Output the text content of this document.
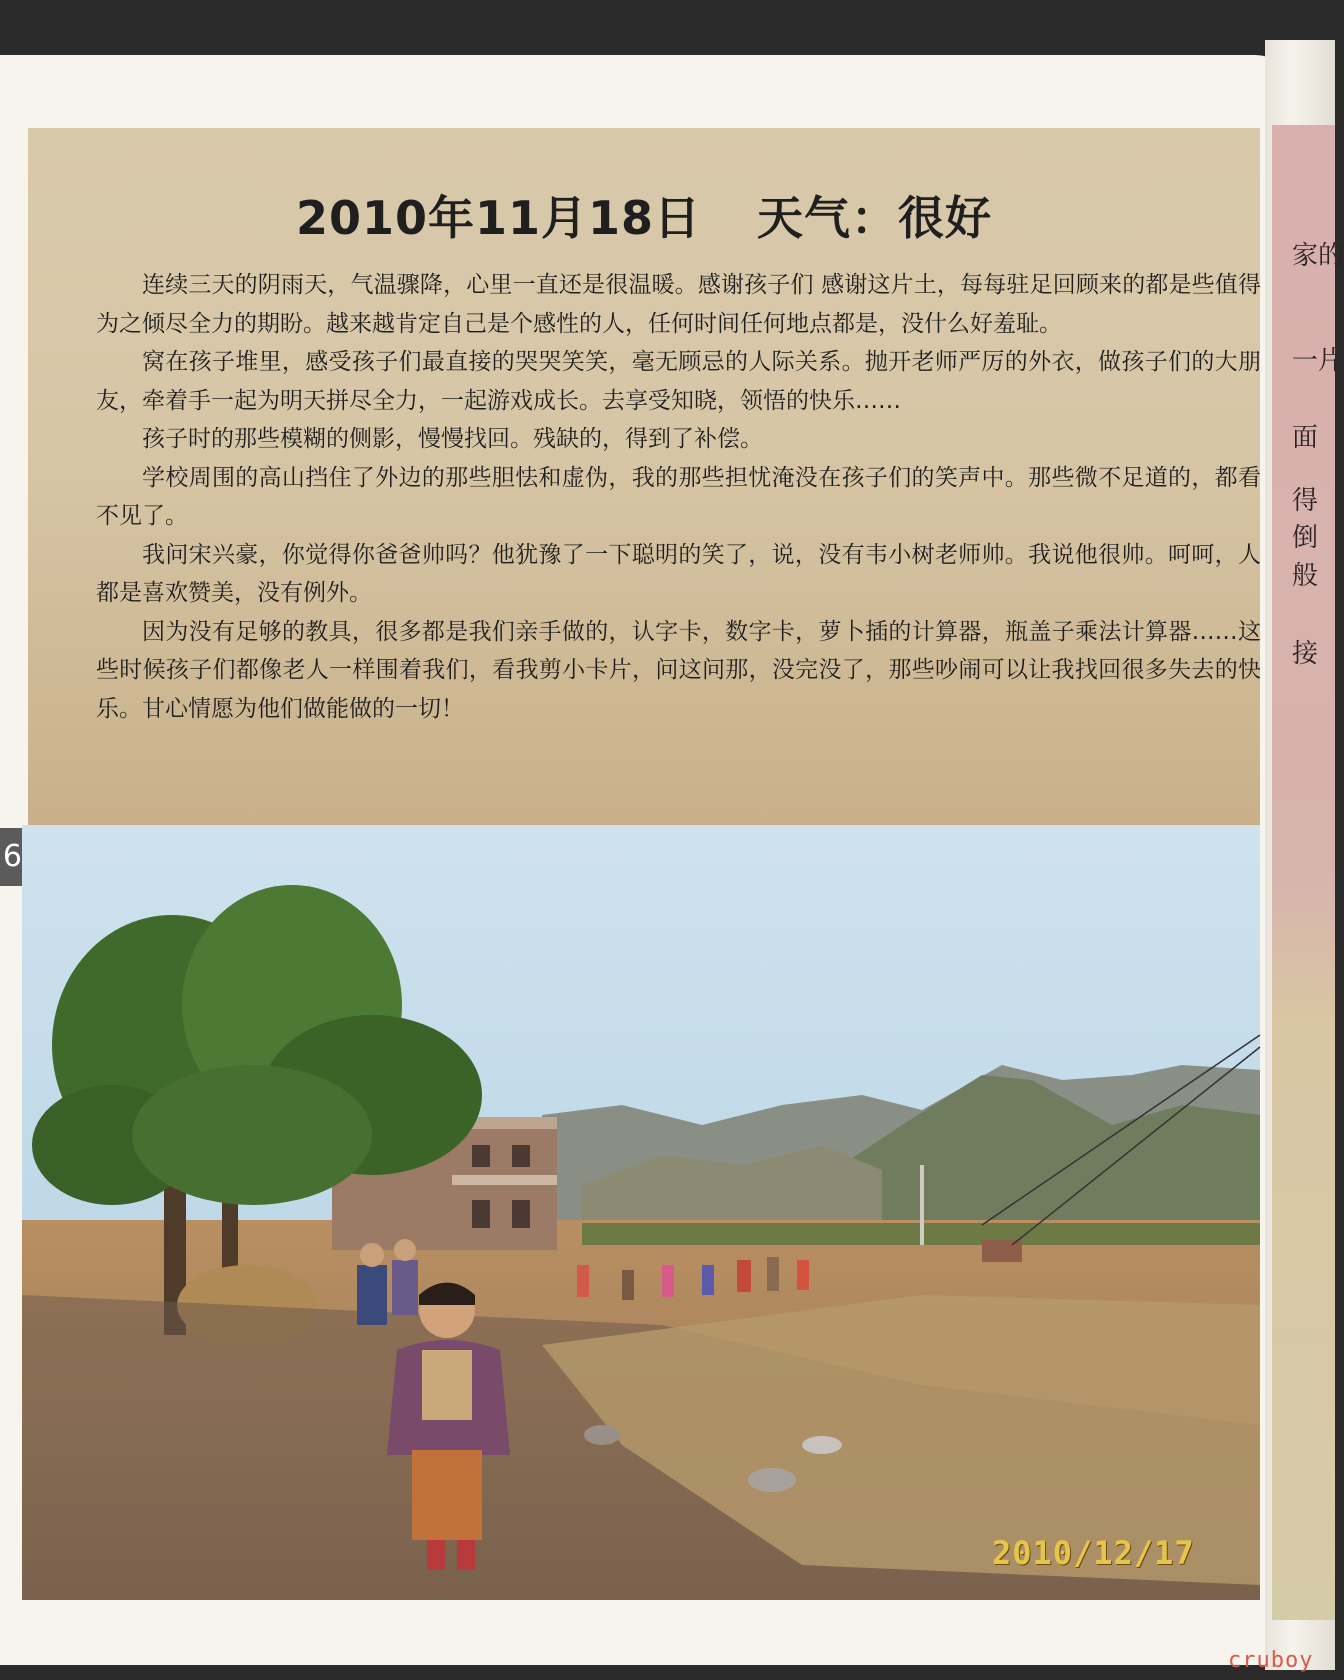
家的
一片
面
得
倒
般
接
2010年11月18日 天气：很好

连续三天的阴雨天，气温骤降，心里一直还是很温暖。感谢孩子们 感谢这片土，每每驻足回顾来的都是些值得为之倾尽全力的期盼。越来越肯定自己是个感性的人，任何时间任何地点都是，没什么好羞耻。

窝在孩子堆里，感受孩子们最直接的哭哭笑笑，毫无顾忌的人际关系。抛开老师严厉的外衣，做孩子们的大朋友，牵着手一起为明天拼尽全力，一起游戏成长。去享受知晓，领悟的快乐……

孩子时的那些模糊的侧影，慢慢找回。残缺的，得到了补偿。

学校周围的高山挡住了外边的那些胆怯和虚伪，我的那些担忧淹没在孩子们的笑声中。那些微不足道的，都看不见了。

我问宋兴豪，你觉得你爸爸帅吗？他犹豫了一下聪明的笑了，说，没有韦小树老师帅。我说他很帅。呵呵，人都是喜欢赞美，没有例外。

因为没有足够的教具，很多都是我们亲手做的，认字卡，数字卡，萝卜插的计算器，瓶盖子乘法计算器……这些时候孩子们都像老人一样围着我们，看我剪小卡片，问这问那，没完没了，那些吵闹可以让我找回很多失去的快乐。甘心情愿为他们做能做的一切！

2010/12/17
6
cruboy
